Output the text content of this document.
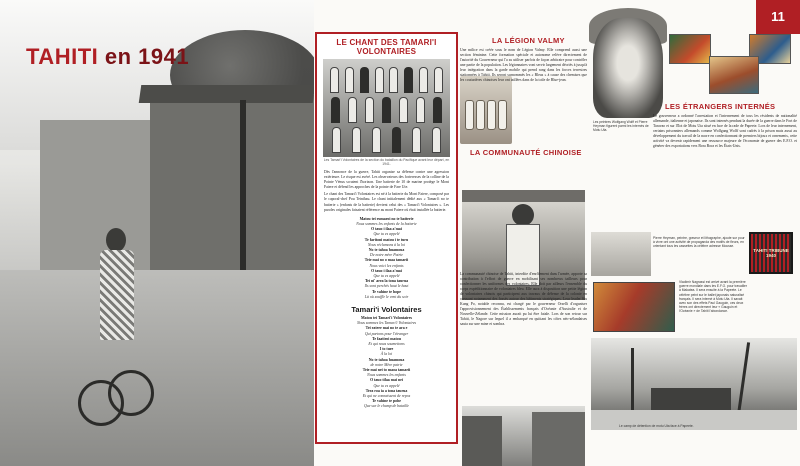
TAHITI en 1941
LE CHANT DES TAMARI'I VOLONTAIRES
Les Tamari'i Volontaires de la section du bataillon du Pacifique avant leur départ, en 1941.

Dès l'annonce de la guerre, Tahiti organise sa défense contre une agression extérieure. Le risque est avéré. Les observateurs des forteresses de la colline de la Pointe Vénus scrutent l'horizon. Une batterie de 10 de marine protège le Mont Faiere et défend les approches de la pointe de Fare Ute.

Le chant des Tamari'i Volontaires est né à la batterie du Mont Faiere, composé par le caporal-chef Pou Teinihau. Le chant initialement dédié aux « Tamari'i no te batterie » (enfants de la batterie) devient celui des « Tamari'i Volontaires ». Les paroles originales faisaient référence au mont Faiere où était installée la batterie.

Matou tei rumaroi no te batterie
Nous sommes les enfants de la batterie
O tauo i ilaa a'mai
Que tu es appelé
Te faritoni matou i te turu
Nous réclamons à la loi
No te tahoa huamoua
De notre mère Patrie
Teie mai no o maa tamarii
Nous voici les enfants
O tauo i ilaa a'mai
Que tu es appelé
Tei nī' area la tona taurua
Ils sont perchés haut le haut
Te vahine te hope
Là où souffle le vent du soir
Tamari'i Volontaires
Matou tei Tamari'i Volontaires
Nous sommes les Tamari'i Volontaires
Tei ratere mai no te ara e
Qui partons pour l'étranger
Te faatiroi matou
Et qui nous soumettons
I to ture
À la loi
No te tahoa huamoua
de notre Mère patrie
Teie mai nei to maoa tamarii
Nous sommes les enfants
O tauo tilaa mai nei
Que tu es appelé
Tera roa ia a tona taurua
Et qui ne connaissent de repos
Te vahine te pohe
Que sur le champ de bataille
LA LÉGION VALMY

Une milice est créée sous le nom de Légion Valmy. Elle comprend aussi une section féminine. Cette formation spéciale et autonome relève directement de l'autorité du Gouverneur qui l'a su utiliser parfois de façon arbitraire pour contrôler une partie de la population. Les légionnaires vont servir largement décriés à jusqu'à leur intégration dans la garde mobile qui prend rang dans les forces terrestres stationnées à Tahiti. Ils seront surnommés les « Bleus » à cause des chemises que les couturières chinoises leur ont taillées dans de la toile de Blue-jean.

LA COMMUNAUTÉ CHINOISE

La communauté chinoise de Tahiti, interdite d'enrôlement dans l'armée, apporte sa contribution à l'effort de guerre en mobilisant ses nombreux tailleurs pour confectionner les uniformes des volontaires. Elle doit par ailleurs l'ensemble du corps expéditionnaire de volontaires bleu. Elle aura à disposition une petite légion de volontaires chinois qui participent aux travaux de défense de la colonie en creusant notamment des fossés autour des bâtiments stratégiques. Leur leader Siu Kung Po, notable reconnu, est chargé par le gouverneur Orselli d'organiser l'approvisionnement des Établissements français d'Océanie d'Australie et de Nouvelle-Zélande. Cette mission aurait pu lui être fatale. Lors de son retour sur Tahiti, le Nagore sur lequel il a embarqué en quittant les côtes néo-zélandaises sauta sur une mine et sombra.

11
Les peintres Wolfgang Wolff et Pierre Heyman figurent parmi les internés de Motu Uta.
LES ÉTRANGERS INTERNÉS

Le gouverneur a ordonné l'arrestation et l'internement de tous les résidents de nationalité allemande, italienne et japonaise. Ils sont internés pendant la durée de la guerre dans le Fort de Taravao et sur l'îlot de Motu Uta situé en face de la rade de Papeete. Lors de leur internement, certains prisonniers allemands comme Wolfgang Wolff sont cadrés à la prison mais aussi au développement du travail de la nacre en confectionnant de premiers bijoux et ornements, cette activité va devenir rapidement une ressource majeure de l'économie de guerre des E.F.O. et générer des exportations vers Bora Bora et les États-Unis.

Pierre Heyman, peintre, graveur et lithographe, ajoute sur pour à vivre ont une activité de propaganda des motifs de fleurs, en orientant tous les cassettes la célèbre adresse Mousse.
TAHITI TRIBUNE 1940
Vladimir Nagrassi est arrivé avant la première guerre mondiale dans les E.F.O. pour travailler à Makatea. Il sera ensuite à la Papeete. Le célèbre peint sur le ballet japonais naturalisé français. Il sera interné à Motu Uta. Il savait avec son des effets Paul Gauguin, ces deux frères ont directement leur « Gauguin et l'Océanie » de Tahiti l'abondance.
Le camp de détention de motu Uta face à Papeete.
